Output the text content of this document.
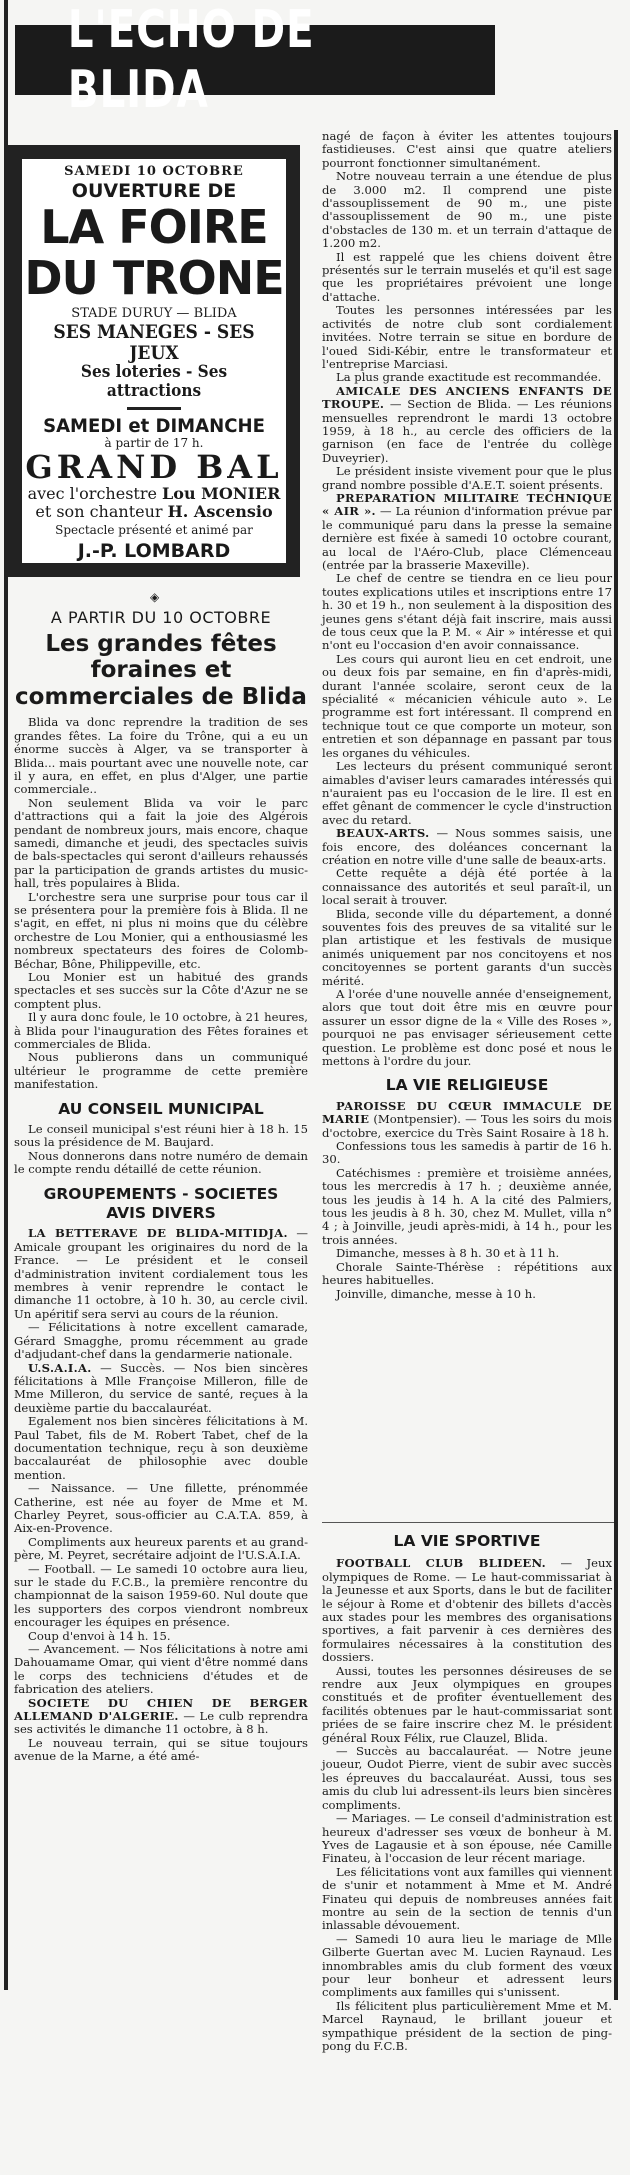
L'ECHO DE BLIDA
SAMEDI 10 OCTOBRE
OUVERTURE DE
LA FOIRE
DU TRONE
STADE DURUY — BLIDA
SES MANEGES - SES JEUX
Ses loteries - Ses attractions
SAMEDI et DIMANCHE
à partir de 17 h.
GRAND BAL
avec l'orchestre Lou MONIER
et son chanteur H. Ascensio
Spectacle présenté et animé par
J.-P. LOMBARD
◈
A PARTIR DU 10 OCTOBRE
Les grandes fêtes foraines et commerciales de Blida

Blida va donc reprendre la tradition de ses grandes fêtes. La foire du Trône, qui a eu un énorme succès à Alger, va se transporter à Blida... mais pourtant avec une nouvelle note, car il y aura, en effet, en plus d'Alger, une partie commerciale..

Non seulement Blida va voir le parc d'attractions qui a fait la joie des Algérois pendant de nombreux jours, mais encore, chaque samedi, dimanche et jeudi, des spectacles suivis de bals-spectacles qui seront d'ailleurs rehaussés par la participation de grands artistes du music-hall, très populaires à Blida.

L'orchestre sera une surprise pour tous car il se présentera pour la première fois à Blida. Il ne s'agit, en effet, ni plus ni moins que du célèbre orchestre de Lou Monier, qui a enthousiasmé les nombreux spectateurs des foires de Colomb-Béchar, Bône, Philippeville, etc.

Lou Monier est un habitué des grands spectacles et ses succès sur la Côte d'Azur ne se comptent plus.

Il y aura donc foule, le 10 octobre, à 21 heures, à Blida pour l'inauguration des Fêtes foraines et commerciales de Blida.

Nous publierons dans un communiqué ultérieur le programme de cette première manifestation.

AU CONSEIL MUNICIPAL

Le conseil municipal s'est réuni hier à 18 h. 15 sous la présidence de M. Baujard.

Nous donnerons dans notre numéro de demain le compte rendu détaillé de cette réunion.

GROUPEMENTS - SOCIETES
AVIS DIVERS

LA BETTERAVE DE BLIDA-MITIDJA. — Amicale groupant les originaires du nord de la France. — Le président et le conseil d'administration invitent cordialement tous les membres à venir reprendre le contact le dimanche 11 octobre, à 10 h. 30, au cercle civil. Un apéritif sera servi au cours de la réunion.

— Félicitations à notre excellent camarade, Gérard Smagghe, promu récemment au grade d'adjudant-chef dans la gendarmerie nationale.

U.S.A.I.A. — Succès. — Nos bien sincères félicitations à Mlle Françoise Milleron, fille de Mme Milleron, du service de santé, reçues à la deuxième partie du baccalauréat.

Egalement nos bien sincères félicitations à M. Paul Tabet, fils de M. Robert Tabet, chef de la documentation technique, reçu à son deuxième baccalauréat de philosophie avec double mention.

— Naissance. — Une fillette, prénommée Catherine, est née au foyer de Mme et M. Charley Peyret, sous-officier au C.A.T.A. 859, à Aix-en-Provence.

Compliments aux heureux parents et au grand-père, M. Peyret, secrétaire adjoint de l'U.S.A.I.A.

— Football. — Le samedi 10 octobre aura lieu, sur le stade du F.C.B., la première rencontre du championnat de la saison 1959-60. Nul doute que les supporters des corpos viendront nombreux encourager les équipes en présence.

Coup d'envoi à 14 h. 15.

— Avancement. — Nos félicitations à notre ami Dahouamame Omar, qui vient d'être nommé dans le corps des techniciens d'études et de fabrication des ateliers.

SOCIETE DU CHIEN DE BERGER ALLEMAND D'ALGERIE. — Le culb reprendra ses activités le dimanche 11 octobre, à 8 h.

Le nouveau terrain, qui se situe toujours avenue de la Marne, a été amé-

nagé de façon à éviter les attentes toujours fastidieuses. C'est ainsi que quatre ateliers pourront fonctionner simultanément.

Notre nouveau terrain a une étendue de plus de 3.000 m2. Il comprend une piste d'assouplissement de 90 m., une piste d'assouplissement de 90 m., une piste d'obstacles de 130 m. et un terrain d'attaque de 1.200 m2.

Il est rappelé que les chiens doivent être présentés sur le terrain muselés et qu'il est sage que les propriétaires prévoient une longe d'attache.

Toutes les personnes intéressées par les activités de notre club sont cordialement invitées. Notre terrain se situe en bordure de l'oued Sidi-Kébir, entre le transformateur et l'entreprise Marciasi.

La plus grande exactitude est recommandée.

AMICALE DES ANCIENS ENFANTS DE TROUPE. — Section de Blida. — Les réunions mensuelles reprendront le mardi 13 octobre 1959, à 18 h., au cercle des officiers de la garnison (en face de l'entrée du collège Duveyrier).

Le président insiste vivement pour que le plus grand nombre possible d'A.E.T. soient présents.

PREPARATION MILITAIRE TECHNIQUE « AIR ». — La réunion d'information prévue par le communiqué paru dans la presse la semaine dernière est fixée à samedi 10 octobre courant, au local de l'Aéro-Club, place Clémenceau (entrée par la brasserie Maxeville).

Le chef de centre se tiendra en ce lieu pour toutes explications utiles et inscriptions entre 17 h. 30 et 19 h., non seulement à la disposition des jeunes gens s'étant déjà fait inscrire, mais aussi de tous ceux que la P. M. « Air » intéresse et qui n'ont eu l'occasion d'en avoir connaissance.

Les cours qui auront lieu en cet endroit, une ou deux fois par semaine, en fin d'après-midi, durant l'année scolaire, seront ceux de la spécialité « mécanicien véhicule auto ». Le programme est fort intéressant. Il comprend en technique tout ce que comporte un moteur, son entretien et son dépannage en passant par tous les organes du véhicules.

Les lecteurs du présent communiqué seront aimables d'aviser leurs camarades intéressés qui n'auraient pas eu l'occasion de le lire. Il est en effet gênant de commencer le cycle d'instruction avec du retard.

BEAUX-ARTS. — Nous sommes saisis, une fois encore, des doléances concernant la création en notre ville d'une salle de beaux-arts.

Cette requête a déjà été portée à la connaissance des autorités et seul paraît-il, un local serait à trouver.

Blida, seconde ville du département, a donné souventes fois des preuves de sa vitalité sur le plan artistique et les festivals de musique animés uniquement par nos concitoyens et nos concitoyennes se portent garants d'un succès mérité.

A l'orée d'une nouvelle année d'enseignement, alors que tout doit être mis en œuvre pour assurer un essor digne de la « Ville des Roses », pourquoi ne pas envisager sérieusement cette question. Le problème est donc posé et nous le mettons à l'ordre du jour.

LA VIE RELIGIEUSE

PAROISSE DU CŒUR IMMACULE DE MARIE (Montpensier). — Tous les soirs du mois d'octobre, exercice du Très Saint Rosaire à 18 h.

Confessions tous les samedis à partir de 16 h. 30.

Catéchismes : première et troisième années, tous les mercredis à 17 h. ; deuxième année, tous les jeudis à 14 h. A la cité des Palmiers, tous les jeudis à 8 h. 30, chez M. Mullet, villa n° 4 ; à Joinville, jeudi après-midi, à 14 h., pour les trois années.

Dimanche, messes à 8 h. 30 et à 11 h.

Chorale Sainte-Thérèse : répétitions aux heures habituelles.

Joinville, dimanche, messe à 10 h.

LA VIE SPORTIVE

FOOTBALL CLUB BLIDEEN. — Jeux olympiques de Rome. — Le haut-commissariat à la Jeunesse et aux Sports, dans le but de faciliter le séjour à Rome et d'obtenir des billets d'accès aux stades pour les membres des organisations sportives, a fait parvenir à ces dernières des formulaires nécessaires à la constitution des dossiers.

Aussi, toutes les personnes désireuses de se rendre aux Jeux olympiques en groupes constitués et de profiter éventuellement des facilités obtenues par le haut-commissariat sont priées de se faire inscrire chez M. le président général Roux Félix, rue Clauzel, Blida.

— Succès au baccalauréat. — Notre jeune joueur, Oudot Pierre, vient de subir avec succès les épreuves du baccalauréat. Aussi, tous ses amis du club lui adressent-ils leurs bien sincères compliments.

— Mariages. — Le conseil d'administration est heureux d'adresser ses vœux de bonheur à M. Yves de Lagausie et à son épouse, née Camille Finateu, à l'occasion de leur récent mariage.

Les félicitations vont aux familles qui viennent de s'unir et notamment à Mme et M. André Finateu qui depuis de nombreuses années fait montre au sein de la section de tennis d'un inlassable dévouement.

— Samedi 10 aura lieu le mariage de Mlle Gilberte Guertan avec M. Lucien Raynaud. Les innombrables amis du club forment des vœux pour leur bonheur et adressent leurs compliments aux familles qui s'unissent.

Ils félicitent plus particulièrement Mme et M. Marcel Raynaud, le brillant joueur et sympathique président de la section de ping-pong du F.C.B.
